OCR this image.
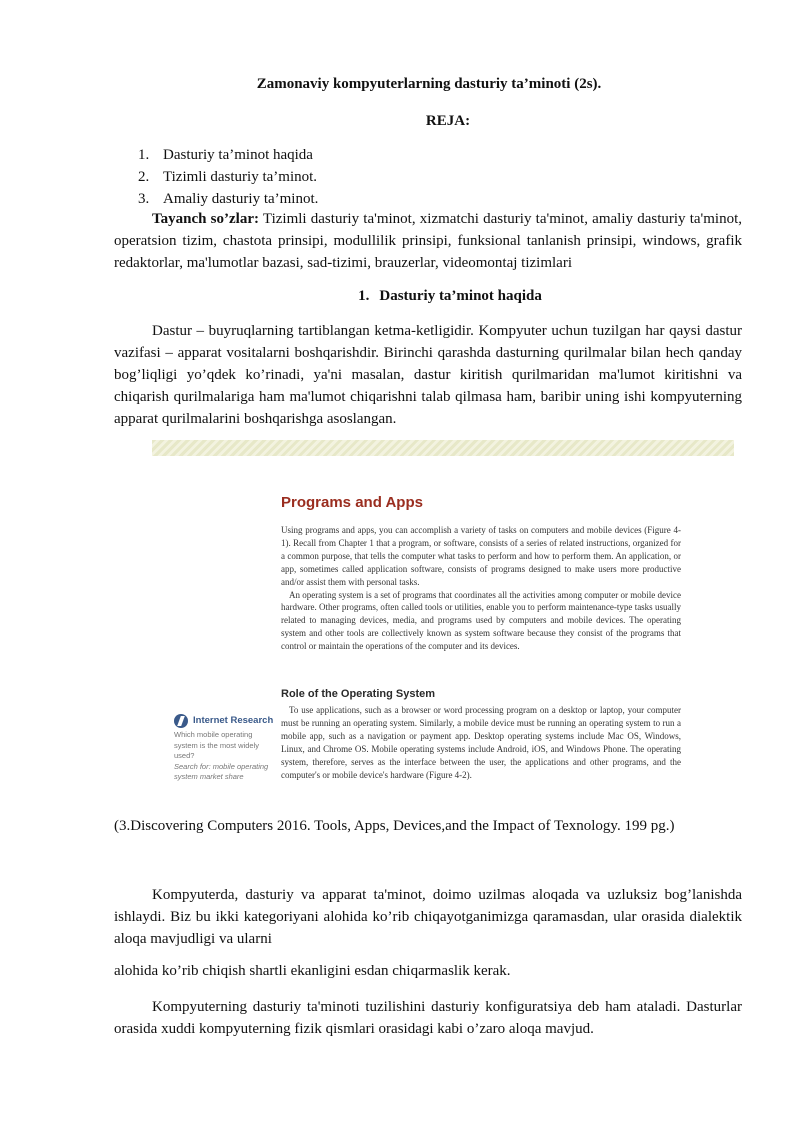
Zamonaviy kompyuterlarning dasturiy ta’minoti (2s).
REJA:
1. Dasturiy ta’minot haqida
2. Tizimli dasturiy ta’minot.
3. Amaliy dasturiy ta’minot.

Tayanch so’zlar: Tizimli dasturiy ta'minot, xizmatchi dasturiy ta'minot, amaliy dasturiy ta'minot, operatsion tizim, chastota prinsipi, modullilik prinsipi, funksional tanlanish prinsipi, windows, grafik redaktorlar, ma'lumotlar bazasi, sad-tizimi, brauzerlar, videomontaj tizimlari

1. Dasturiy ta’minot haqida

Dastur – buyruqlarning tartiblangan ketma-ketligidir. Kompyuter uchun tuzilgan har qaysi dastur vazifasi – apparat vositalarni boshqarishdir. Birinchi qarashda dasturning qurilmalar bilan hech qanday bog’liqligi yo’qdek ko’rinadi, ya'ni masalan, dastur kiritish qurilmaridan ma'lumot kiritishni va chiqarish qurilmalariga ham ma'lumot chiqarishni talab qilmasa ham, baribir uning ishi kompyuterning apparat qurilmalarini boshqarishga asoslangan.

Programs and Apps

Using programs and apps, you can accomplish a variety of tasks on computers and mobile devices (Figure 4-1). Recall from Chapter 1 that a program, or software, consists of a series of related instructions, organized for a common purpose, that tells the computer what tasks to perform and how to perform them. An application, or app, sometimes called application software, consists of programs designed to make users more productive and/or assist them with personal tasks.

An operating system is a set of programs that coordinates all the activities among computer or mobile device hardware. Other programs, often called tools or utilities, enable you to perform maintenance-type tasks usually related to managing devices, media, and programs used by computers and mobile devices. The operating system and other tools are collectively known as system software because they consist of the programs that control or maintain the operations of the computer and its devices.

Role of the Operating System

To use applications, such as a browser or word processing program on a desktop or laptop, your computer must be running an operating system. Similarly, a mobile device must be running an operating system to run a mobile app, such as a navigation or payment app. Desktop operating systems include Mac OS, Windows, Linux, and Chrome OS. Mobile operating systems include Android, iOS, and Windows Phone. The operating system, therefore, serves as the interface between the user, the applications and other programs, and the computer's or mobile device's hardware (Figure 4-2).

Internet Research
Which mobile operating system is the most widely used?
Search for: mobile operating system market share
(3.Discovering Computers 2016. Tools, Apps, Devices,and the Impact of Texnology. 199 pg.)

Kompyuterda, dasturiy va apparat ta'minot, doimo uzilmas aloqada va uzluksiz bog’lanishda ishlaydi. Biz bu ikki kategoriyani alohida ko’rib chiqayotganimizga qaramasdan, ular orasida dialektik aloqa mavjudligi va ularni

alohida ko’rib chiqish shartli ekanligini esdan chiqarmaslik kerak.

Kompyuterning dasturiy ta'minoti tuzilishini dasturiy konfiguratsiya deb ham ataladi. Dasturlar orasida xuddi kompyuterning fizik qismlari orasidagi kabi o’zaro aloqa mavjud.
